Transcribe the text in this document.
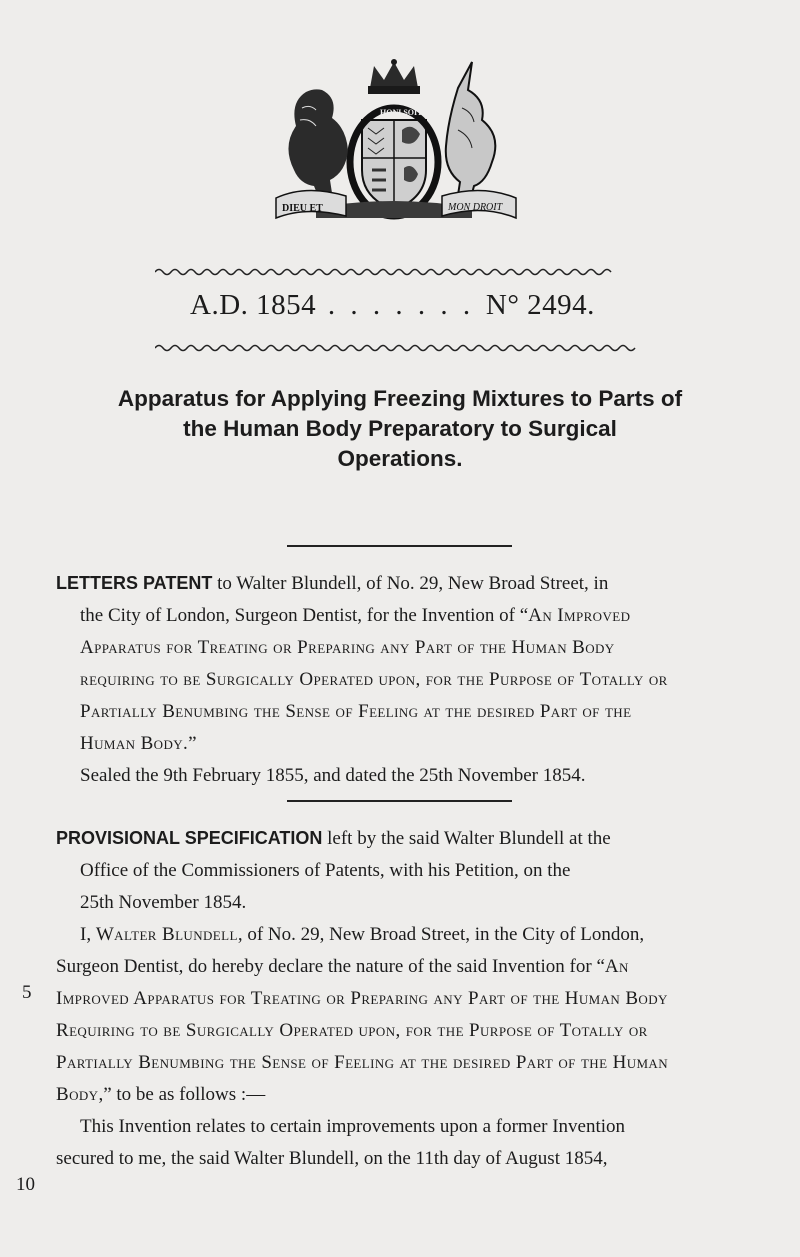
HONI SOIT
DIEU ET	MON DROIT
A.D. 1854 . . . . . . . N° 2494.
Apparatus for Applying Freezing Mixtures to Parts of
the Human Body Preparatory to Surgical
Operations.
LETTERS PATENT to Walter Blundell, of No. 29, New Broad Street, in
the City of London, Surgeon Dentist, for the Invention of “An Improved
Apparatus for Treating or Preparing any Part of the Human Body
requiring to be Surgically Operated upon, for the Purpose of Totally or
Partially Benumbing the Sense of Feeling at the desired Part of the
Human Body.”
Sealed the 9th February 1855, and dated the 25th November 1854.
PROVISIONAL SPECIFICATION left by the said Walter Blundell at the
Office of the Commissioners of Patents, with his Petition, on the
25th November 1854.
I, Walter Blundell, of No. 29, New Broad Street, in the City of London,
Surgeon Dentist, do hereby declare the nature of the said Invention for “An
Improved Apparatus for Treating or Preparing any Part of the Human Body
Requiring to be Surgically Operated upon, for the Purpose of Totally or
Partially Benumbing the Sense of Feeling at the desired Part of the Human
Body,” to be as follows :—
This Invention relates to certain improvements upon a former Invention
secured to me, the said Walter Blundell, on the 11th day of August 1854,
5
10
